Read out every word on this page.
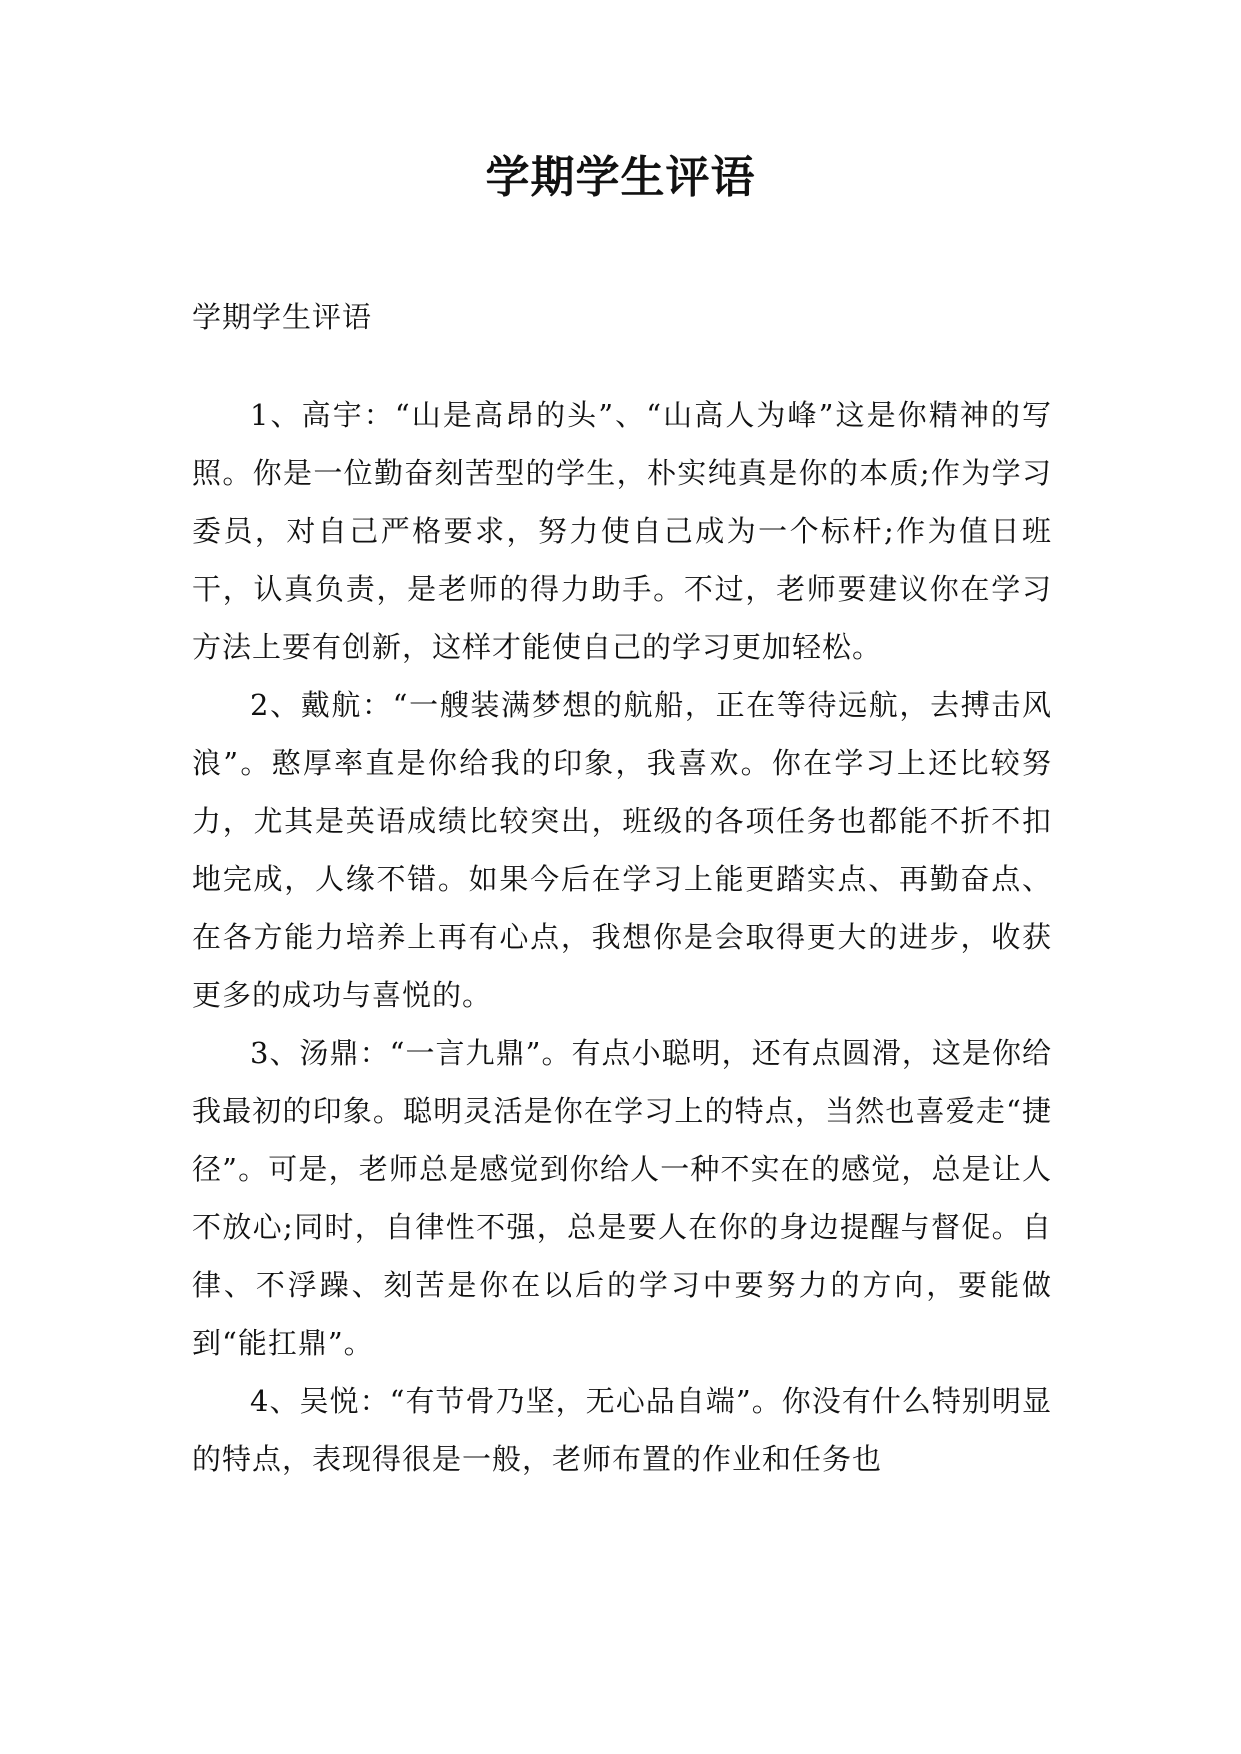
学期学生评语

学期学生评语

1、高宇：“山是高昂的头”、“山高人为峰”这是你精神的写照。你是一位勤奋刻苦型的学生，朴实纯真是你的本质;作为学习委员，对自己严格要求，努力使自己成为一个标杆;作为值日班干，认真负责，是老师的得力助手。不过，老师要建议你在学习方法上要有创新，这样才能使自己的学习更加轻松。

2、戴航：“一艘装满梦想的航船，正在等待远航，去搏击风浪”。憨厚率直是你给我的印象，我喜欢。你在学习上还比较努力，尤其是英语成绩比较突出，班级的各项任务也都能不折不扣地完成，人缘不错。如果今后在学习上能更踏实点、再勤奋点、在各方能力培养上再有心点，我想你是会取得更大的进步，收获更多的成功与喜悦的。

3、汤鼎：“一言九鼎”。有点小聪明，还有点圆滑，这是你给我最初的印象。聪明灵活是你在学习上的特点，当然也喜爱走“捷径”。可是，老师总是感觉到你给人一种不实在的感觉，总是让人不放心;同时，自律性不强，总是要人在你的身边提醒与督促。自律、不浮躁、刻苦是你在以后的学习中要努力的方向，要能做到“能扛鼎”。

4、吴悦：“有节骨乃坚，无心品自端”。你没有什么特别明显的特点，表现得很是一般，老师布置的作业和任务也
